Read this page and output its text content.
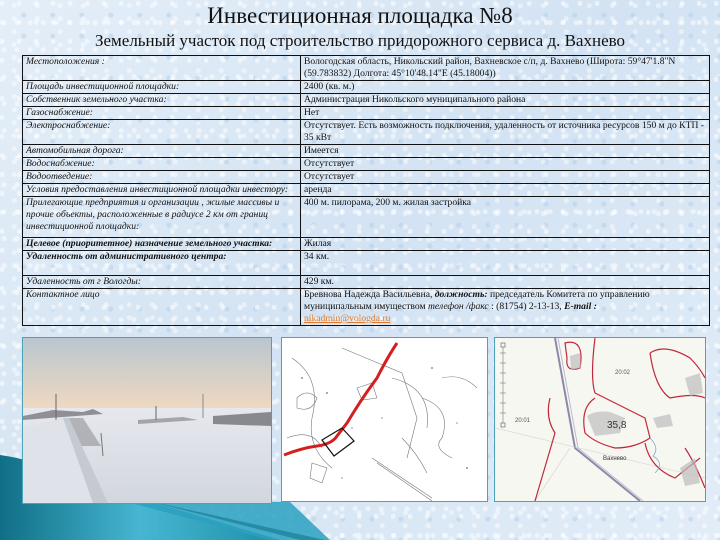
Инвестиционная площадка №8
Земельный участок под строительство придорожного сервиса д. Вахнево
Местоположения :	Вологодская область, Никольский район, Вахневское с/п, д. Вахнево (Широта: 59°47'1.8"N (59.783832) Долгота: 45°10'48.14"E (45.18004))
Площадь инвестиционной площадки:	2400 (кв. м.)
Собственник земельного участка:	Администрация Никольского муниципального района
Газоснабжение:	Нет
Электроснабжение:	Отсутствует. Есть возможность подключения, удаленность от источника ресурсов 150 м до КТП - 35 кВт
Автомобильная дорога:	Имеется
Водоснабжение:	Отсутствует
Водоотведение:	Отсутствует
Условия предоставления инвестиционной площадки инвестору:	аренда
Прилегающие предприятия и организации , жилые массивы и прочие объекты, расположенные в радиусе 2 км от границ инвестиционной площадки:	400 м. пилорама, 200 м. жилая застройка
Целевое (приоритетное) назначение земельного участка:	Жилая
Удаленность от административного центра:	34 км.
Удаленность от г Вологды:	429 км.
Контактное лицо	Бревнова Надежда Васильевна, должность: председатель Комитета по управлению муниципальным имуществом телефон /факс : (81754) 2-13-13, E-mail :
nikadmin@vologda.ru
35,8
Вахнево
20:01
20:02
